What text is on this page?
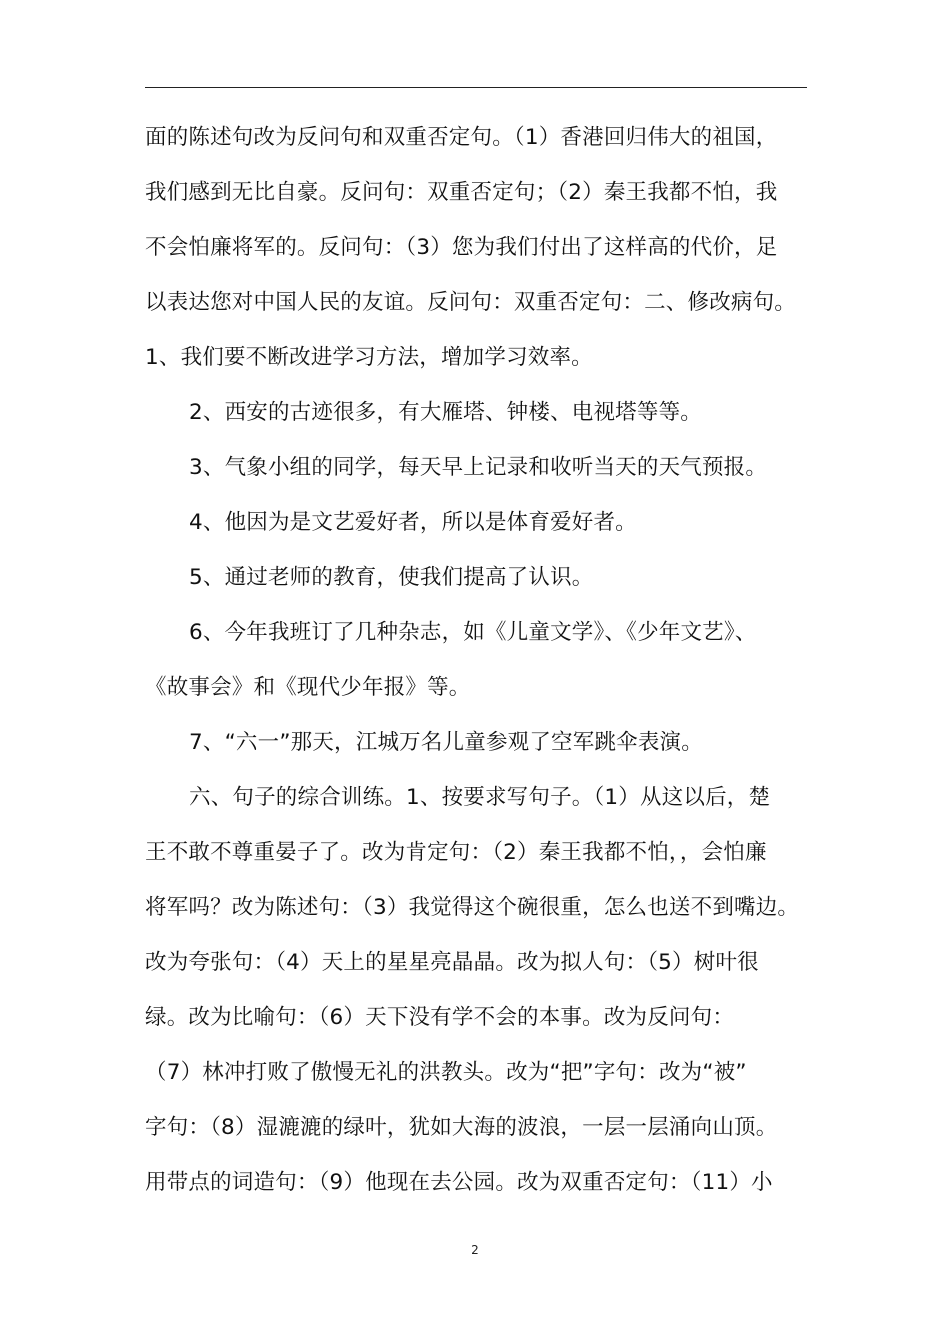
面的陈述句改为反问句和双重否定句。（1）香港回归伟大的祖国，
我们感到无比自豪。反问句：双重否定句；（2）秦王我都不怕，我
不会怕廉将军的。反问句：（3）您为我们付出了这样高的代价，足
以表达您对中国人民的友谊。反问句：双重否定句：二、修改病句。
1、我们要不断改进学习方法，增加学习效率。
2、西安的古迹很多，有大雁塔、钟楼、电视塔等等。
3、气象小组的同学，每天早上记录和收听当天的天气预报。
4、他因为是文艺爱好者，所以是体育爱好者。
5、通过老师的教育，使我们提高了认识。
6、今年我班订了几种杂志，如《儿童文学》、《少年文艺》、
《故事会》和《现代少年报》等。
7、“六一”那天，江城万名儿童参观了空军跳伞表演。
六、句子的综合训练。1、按要求写句子。（1）从这以后，楚
王不敢不尊重晏子了。改为肯定句：（2）秦王我都不怕，，会怕廉
将军吗？改为陈述句：（3）我觉得这个碗很重，怎么也送不到嘴边。
改为夸张句：（4）天上的星星亮晶晶。改为拟人句：（5）树叶很
绿。改为比喻句：（6）天下没有学不会的本事。改为反问句：
（7）林冲打败了傲慢无礼的洪教头。改为“把”字句：改为“被”
字句：（8）湿漉漉的绿叶，犹如大海的波浪，一层一层涌向山顶。
用带点的词造句：（9）他现在去公园。改为双重否定句：（11）小
2
